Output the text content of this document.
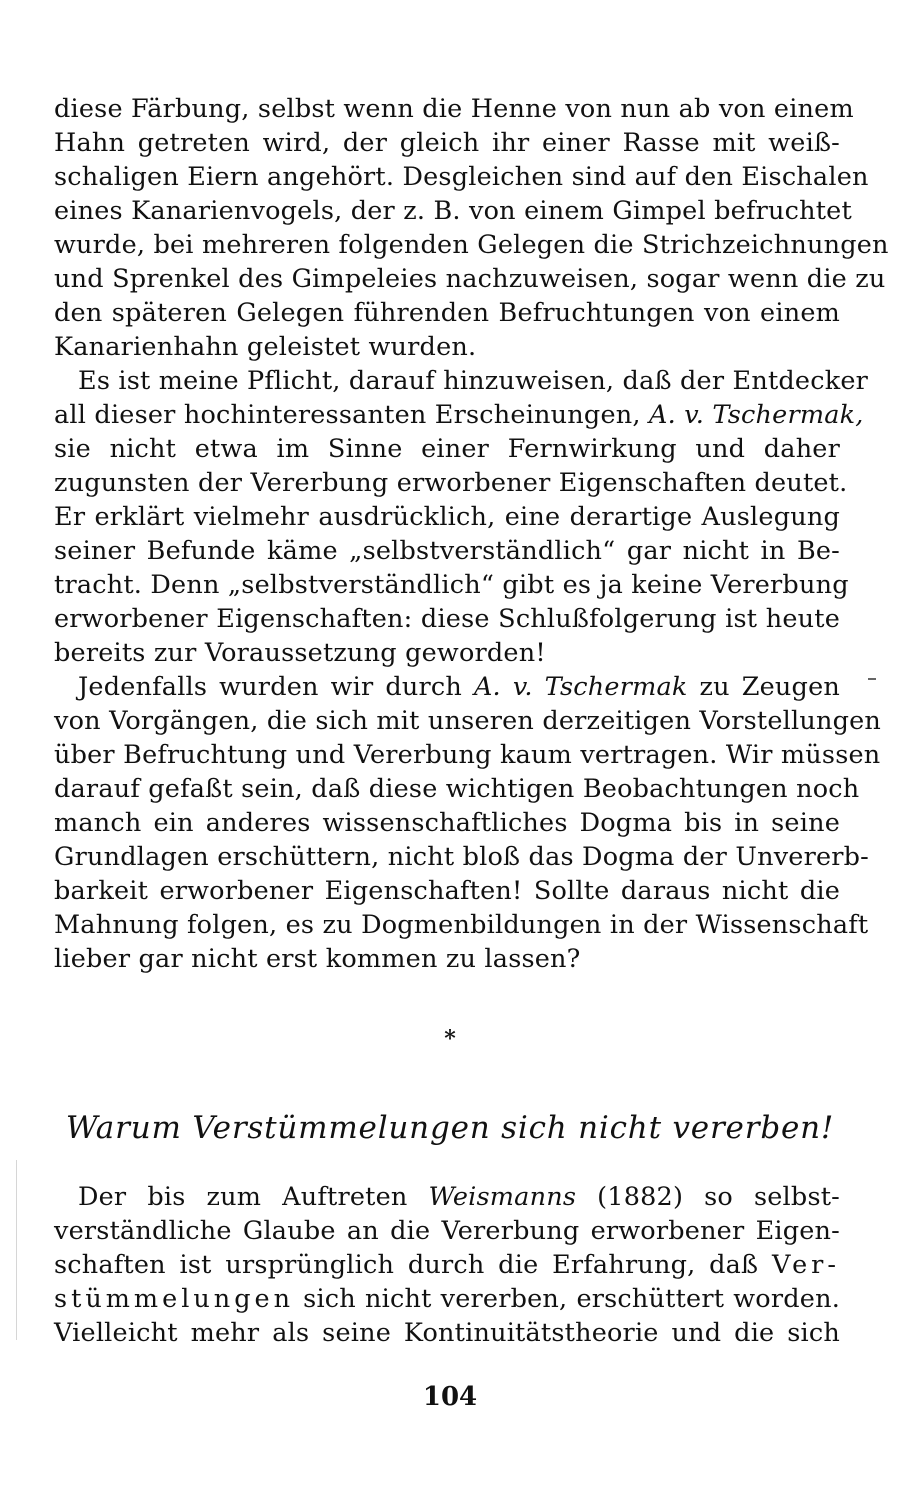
diese Färbung, selbst wenn die Henne von nun ab von einem
Hahn getreten wird, der gleich ihr einer Rasse mit weiß-
schaligen Eiern angehört. Desgleichen sind auf den Eischalen
eines Kanarienvogels, der z. B. von einem Gimpel befruchtet
wurde, bei mehreren folgenden Gelegen die Strichzeichnungen
und Sprenkel des Gimpeleies nachzuweisen, sogar wenn die zu
den späteren Gelegen führenden Befruchtungen von einem
Kanarienhahn geleistet wurden.
Es ist meine Pflicht, darauf hinzuweisen, daß der Entdecker
all dieser hochinteressanten Erscheinungen, A. v. Tschermak,
sie nicht etwa im Sinne einer Fernwirkung und daher
zugunsten der Vererbung erworbener Eigenschaften deutet.
Er erklärt vielmehr ausdrücklich, eine derartige Auslegung
seiner Befunde käme „selbstverständlich“ gar nicht in Be-
tracht. Denn „selbstverständlich“ gibt es ja keine Vererbung
erworbener Eigenschaften: diese Schlußfolgerung ist heute
bereits zur Voraussetzung geworden!
Jedenfalls wurden wir durch A. v. Tschermak zu Zeugen
von Vorgängen, die sich mit unseren derzeitigen Vorstellungen
über Befruchtung und Vererbung kaum vertragen. Wir müssen
darauf gefaßt sein, daß diese wichtigen Beobachtungen noch
manch ein anderes wissenschaftliches Dogma bis in seine
Grundlagen erschüttern, nicht bloß das Dogma der Unvererb-
barkeit erworbener Eigenschaften! Sollte daraus nicht die
Mahnung folgen, es zu Dogmenbildungen in der Wissenschaft
lieber gar nicht erst kommen zu lassen?
*
Warum Verstümmelungen sich nicht vererben!
Der bis zum Auftreten Weismanns (1882) so selbst-
verständliche Glaube an die Vererbung erworbener Eigen-
schaften ist ursprünglich durch die Erfahrung, daß Ver-
stümmelungen sich nicht vererben, erschüttert worden.
Vielleicht mehr als seine Kontinuitätstheorie und die sich
104
